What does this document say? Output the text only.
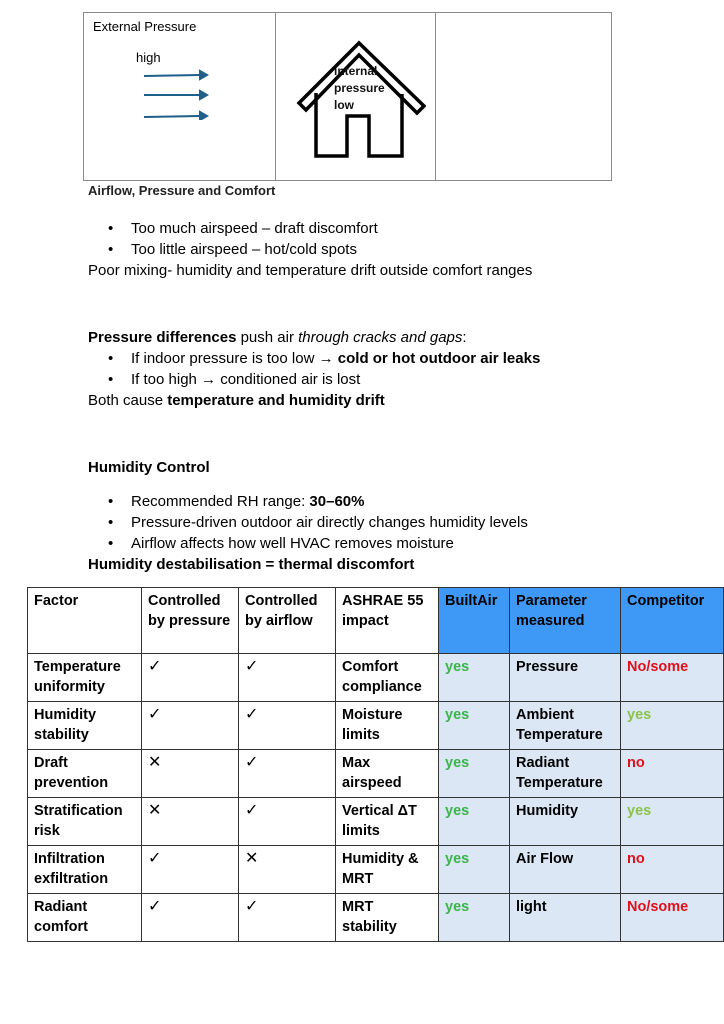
External Pressure
high
internal
pressure
low
Airflow, Pressure and Comfort
• Too much airspeed – draft discomfort
• Too little airspeed – hot/cold spots
Poor mixing- humidity and temperature drift outside comfort ranges
Pressure differences push air through cracks and gaps:
• If indoor pressure is too low → cold or hot outdoor air leaks
• If too high → conditioned air is lost
Both cause temperature and humidity drift
Humidity Control
• Recommended RH range: 30–60%
• Pressure-driven outdoor air directly changes humidity levels
• Airflow affects how well HVAC removes moisture
Humidity destabilisation = thermal discomfort
Factor	Controlled by pressure	Controlled by airflow	ASHRAE 55 impact	BuiltAir	Parameter measured	Competitor
Temperature uniformity	✓	✓	Comfort compliance	yes	Pressure	No/some
Humidity stability	✓	✓	Moisture limits	yes	Ambient Temperature	yes
Draft prevention	✕	✓	Max airspeed	yes	Radiant Temperature	no
Stratification risk	✕	✓	Vertical ΔT limits	yes	Humidity	yes
Infiltration exfiltration	✓	✕	Humidity & MRT	yes	Air Flow	no
Radiant comfort	✓	✓	MRT stability	yes	light	No/some
